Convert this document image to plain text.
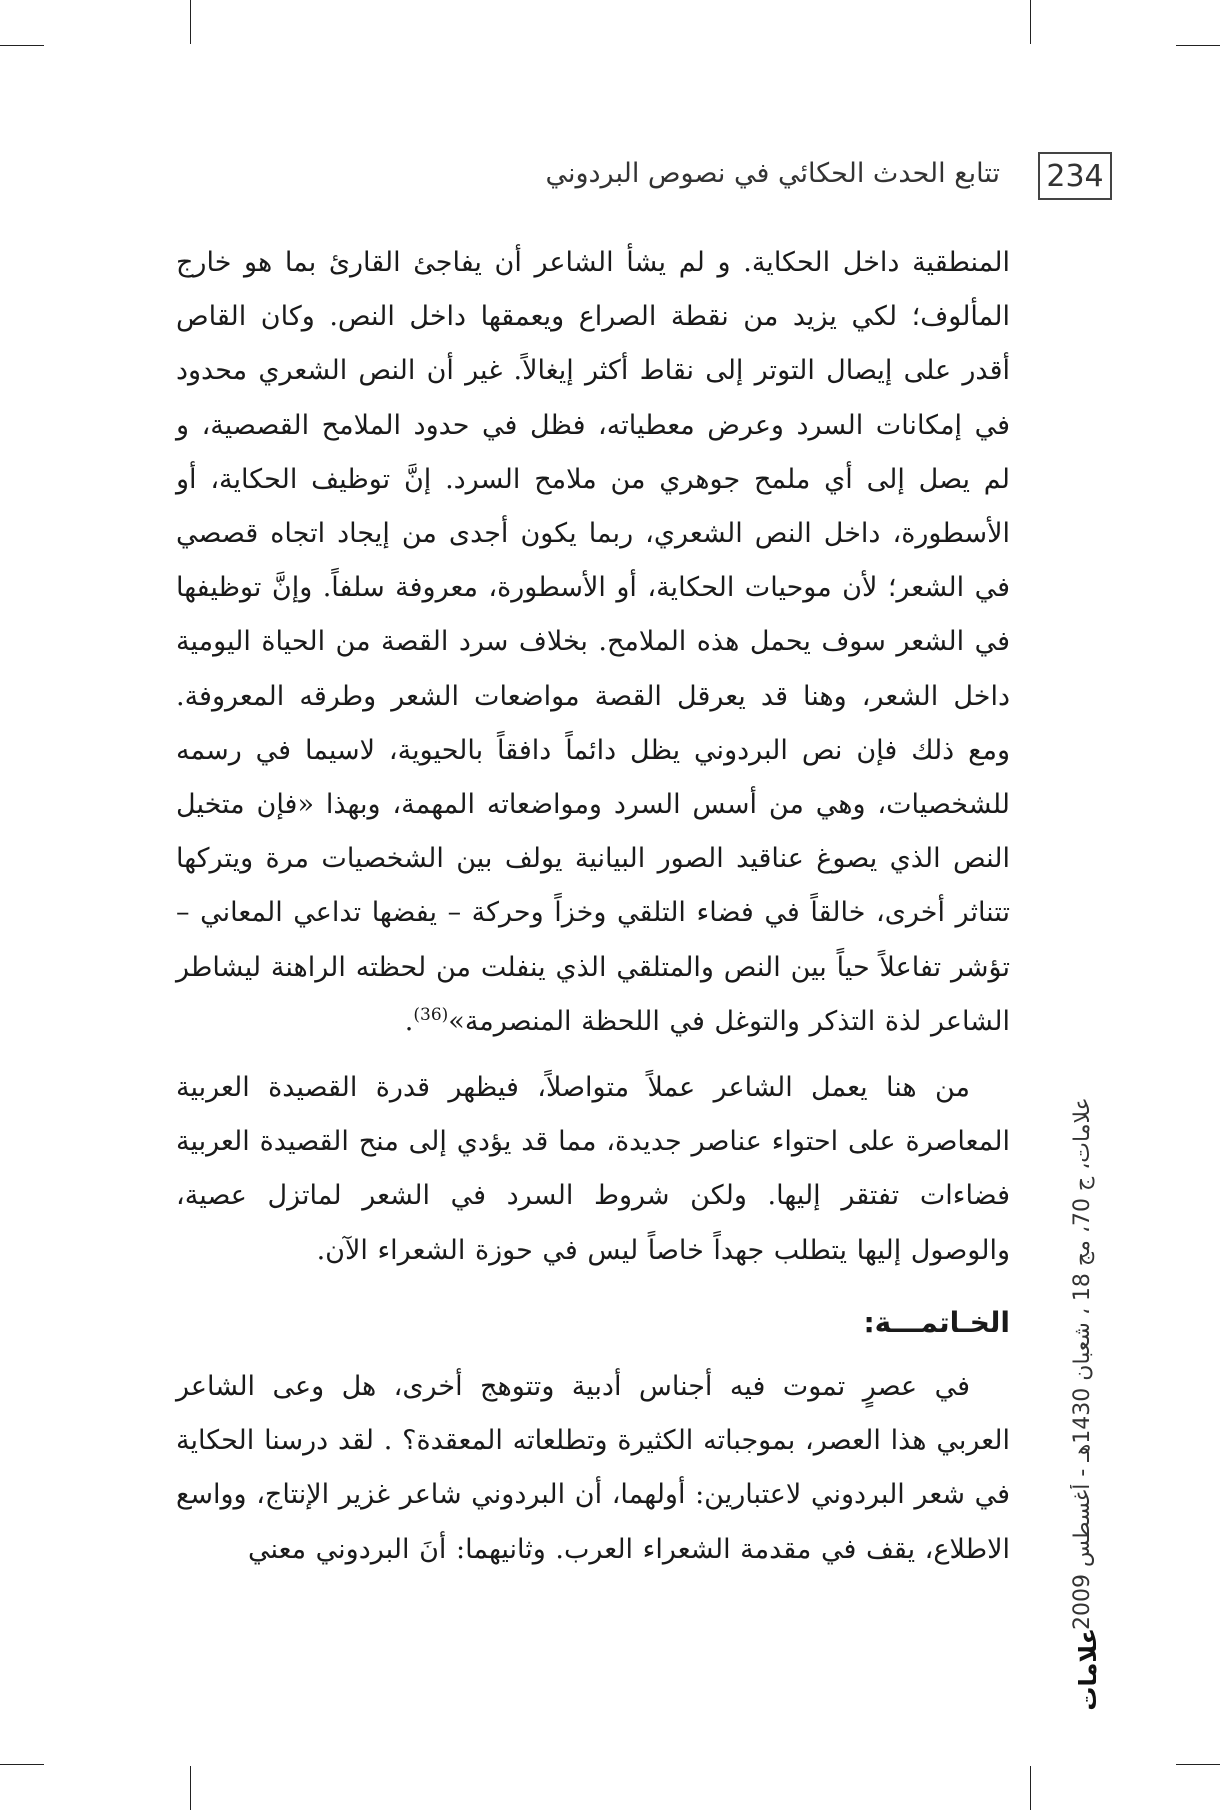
234
تتابع الحدث الحكائي في نصوص البردوني

المنطقية داخل الحكاية. و لم يشأ الشاعر أن يفاجئ القارئ بما هو خارج المألوف؛ لكي يزيد من نقطة الصراع ويعمقها داخل النص. وكان القاص أقدر على إيصال التوتر إلى نقاط أكثر إيغالاً. غير أن النص الشعري محدود في إمكانات السرد وعرض معطياته، فظل في حدود الملامح القصصية، و لم يصل إلى أي ملمح جوهري من ملامح السرد. إنَّ توظيف الحكاية، أو الأسطورة، داخل النص الشعري، ربما يكون أجدى من إيجاد اتجاه قصصي في الشعر؛ لأن موحيات الحكاية، أو الأسطورة، معروفة سلفاً. وإنَّ توظيفها في الشعر سوف يحمل هذه الملامح. بخلاف سرد القصة من الحياة اليومية داخل الشعر، وهنا قد يعرقل القصة مواضعات الشعر وطرقه المعروفة. ومع ذلك فإن نص البردوني يظل دائماً دافقاً بالحيوية، لاسيما في رسمه للشخصيات، وهي من أسس السرد ومواضعاته المهمة، وبهذا «فإن متخيل النص الذي يصوغ عناقيد الصور البيانية يولف بين الشخصيات مرة ويتركها تتناثر أخرى، خالقاً في فضاء التلقي وخزاً وحركة – يفضها تداعي المعاني – تؤشر تفاعلاً حياً بين النص والمتلقي الذي ينفلت من لحظته الراهنة ليشاطر الشاعر لذة التذكر والتوغل في اللحظة المنصرمة»$^{(36)}$.

من هنا يعمل الشاعر عملاً متواصلاً، فيظهر قدرة القصيدة العربية المعاصرة على احتواء عناصر جديدة، مما قد يؤدي إلى منح القصيدة العربية فضاءات تفتقر إليها. ولكن شروط السرد في الشعر لماتزل عصية، والوصول إليها يتطلب جهداً خاصاً ليس في حوزة الشعراء الآن.

الخـاتمـــة:

في عصرٍ تموت فيه أجناس أدبية وتتوهج أخرى، هل وعى الشاعر العربي هذا العصر، بموجباته الكثيرة وتطلعاته المعقدة؟ . لقد درسنا الحكاية في شعر البردوني لاعتبارين: أولهما، أن البردوني شاعر غزير الإنتاج، وواسع الاطلاع، يقف في مقدمة الشعراء العرب. وثانيهما: أنَ البردوني معني

علامات، ج 70، مج 18 ، شعبان 1430هـ - أغسطس 2009
علامات
